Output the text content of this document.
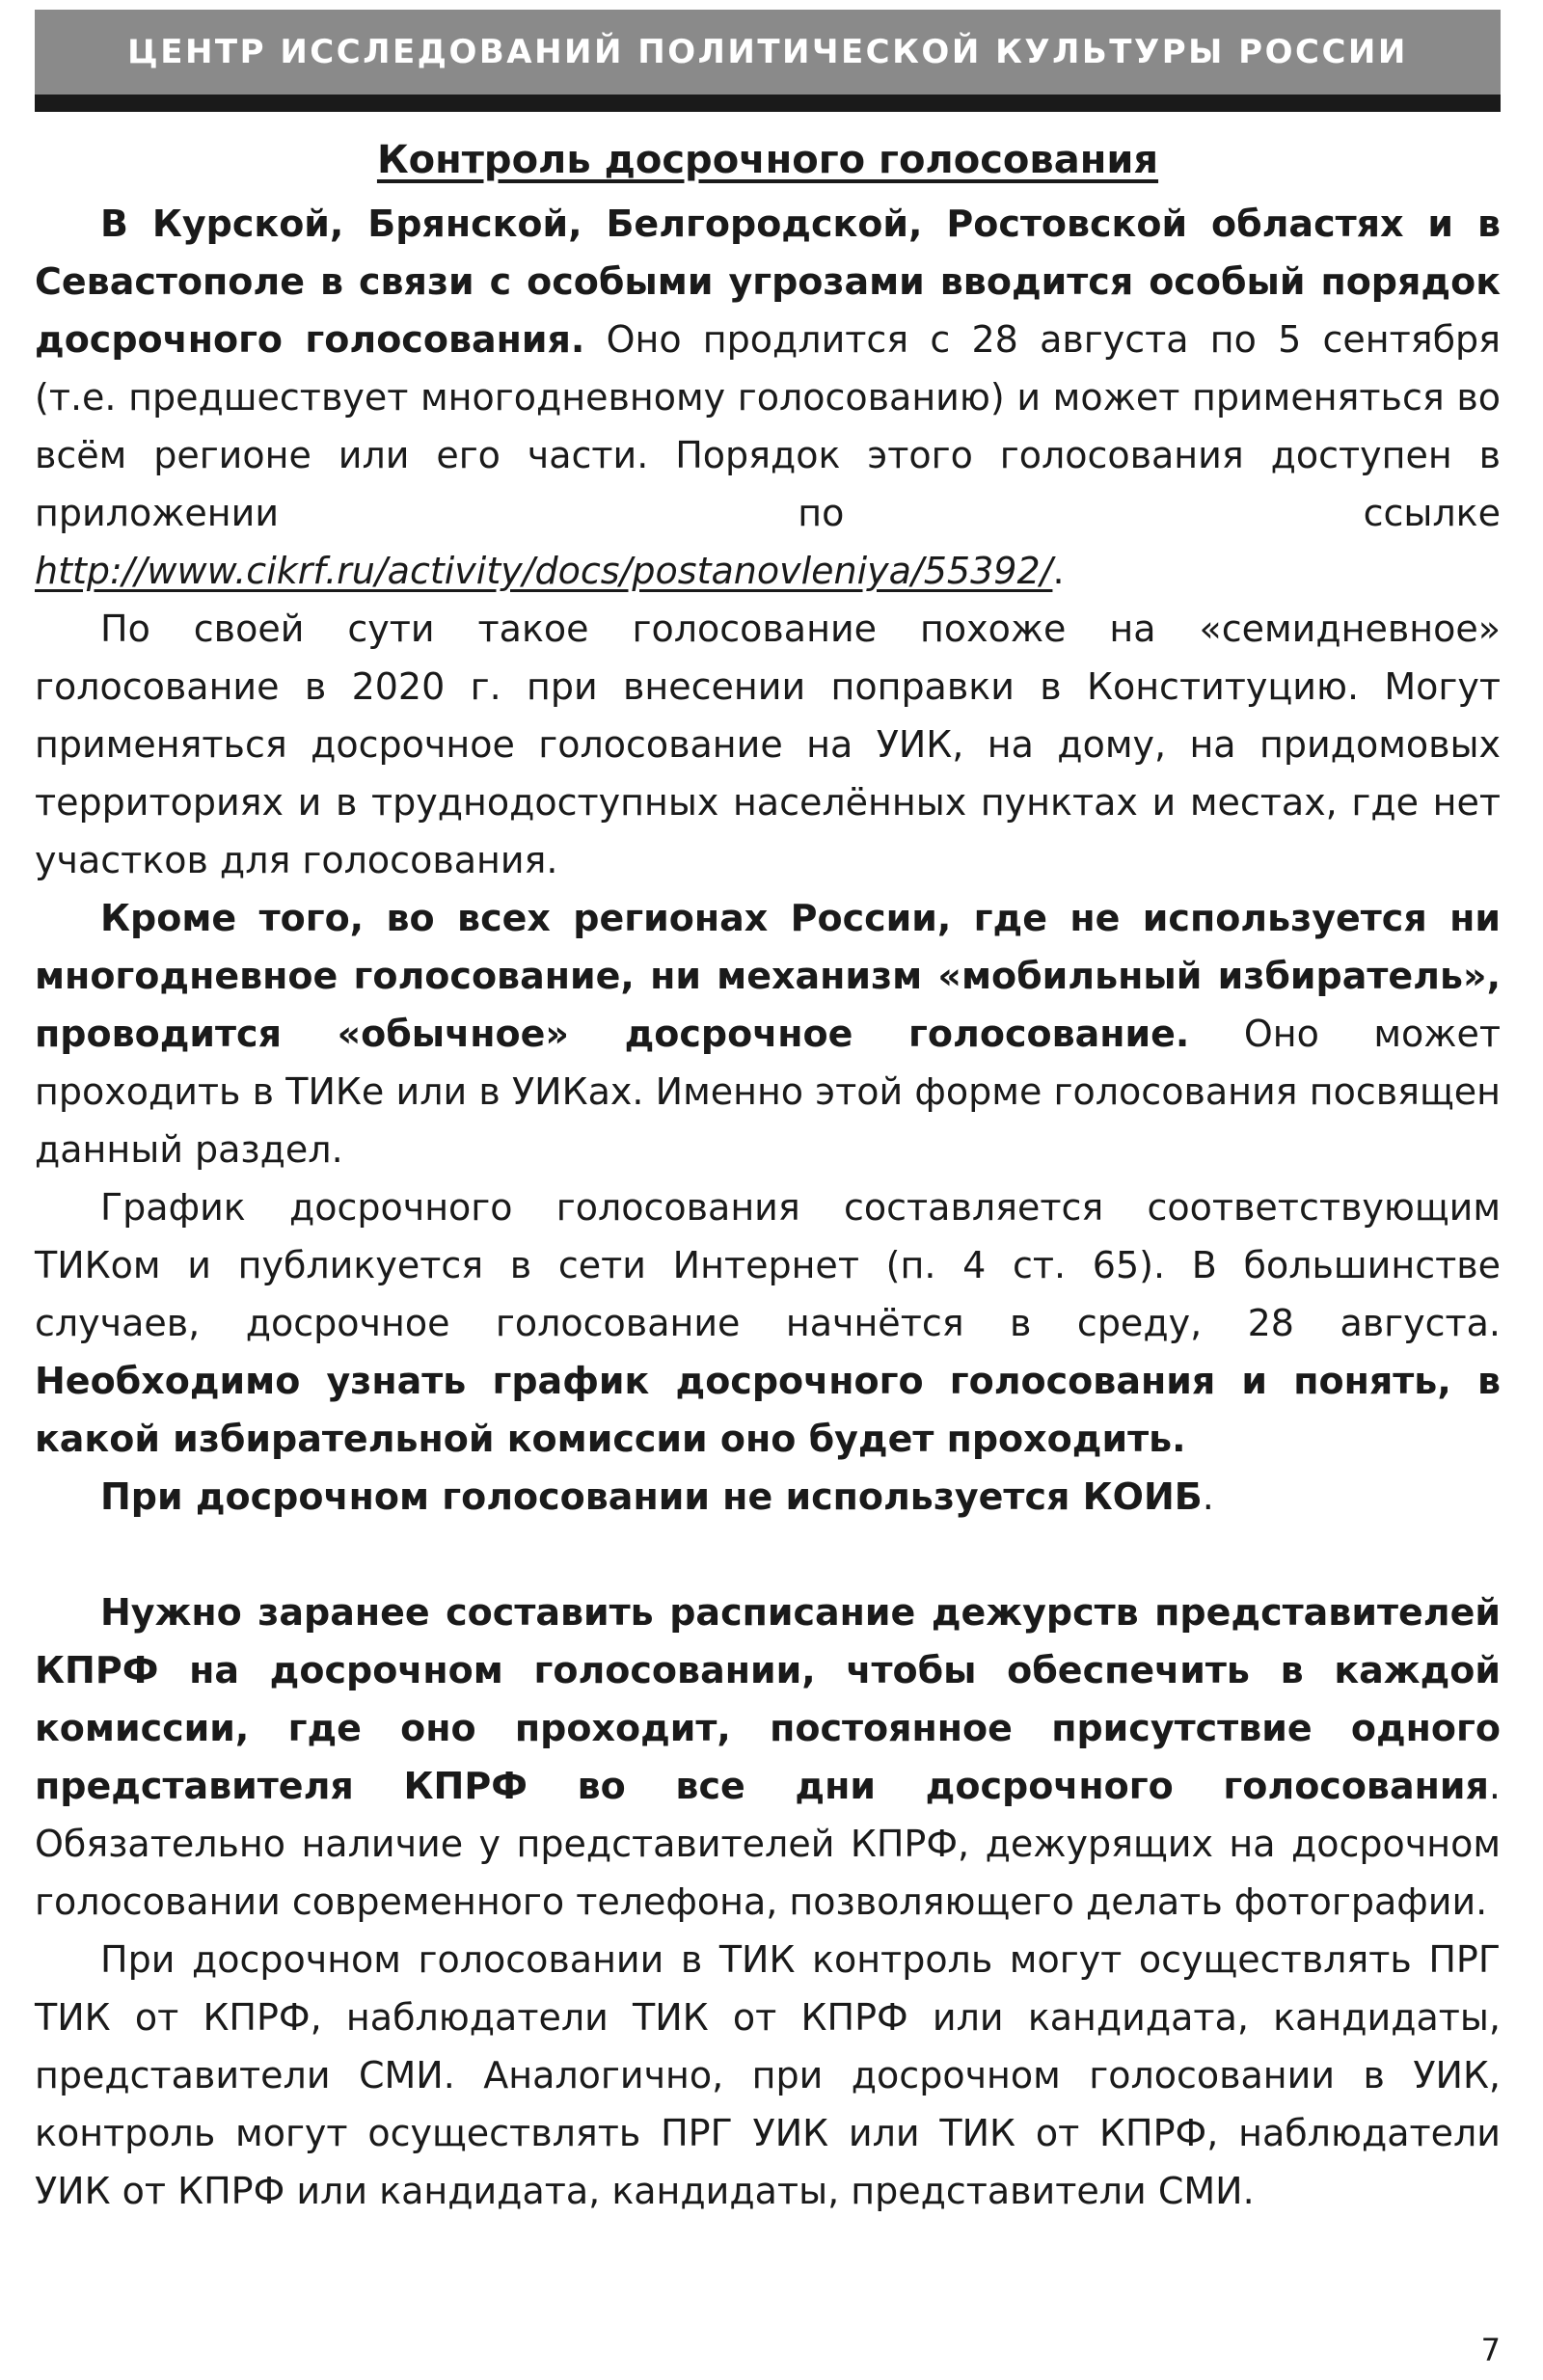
ЦЕНТР ИССЛЕДОВАНИЙ ПОЛИТИЧЕСКОЙ КУЛЬТУРЫ РОССИИ
Контроль досрочного голосования

В Курской, Брянской, Белгородской, Ростовской областях и в Севастополе в связи с особыми угрозами вводится особый порядок досрочного голосования. Оно продлится с 28 августа по 5 сентября (т.е. предшествует многодневному голосованию) и может применяться во всём регионе или его части. Порядок этого голосования доступен в приложении по ссылке http://www.cikrf.ru/activity/docs/postanovleniya/55392/.

По своей сути такое голосование похоже на «семидневное» голосование в 2020 г. при внесении поправки в Конституцию. Могут применяться досрочное голосование на УИК, на дому, на придомовых территориях и в труднодоступных населённых пунктах и местах, где нет участков для голосования.

Кроме того, во всех регионах России, где не используется ни многодневное голосование, ни механизм «мобильный избиратель», проводится «обычное» досрочное голосование. Оно может проходить в ТИКе или в УИКах. Именно этой форме голосования посвящен данный раздел.

График досрочного голосования составляется соответствующим ТИКом и публикуется в сети Интернет (п. 4 ст. 65). В большинстве случаев, досрочное голосование начнётся в среду, 28 августа. Необходимо узнать график досрочного голосования и понять, в какой избирательной комиссии оно будет проходить.

При досрочном голосовании не используется КОИБ.

Нужно заранее составить расписание дежурств представителей КПРФ на досрочном голосовании, чтобы обеспечить в каждой комиссии, где оно проходит, постоянное присутствие одного представителя КПРФ во все дни досрочного голосования. Обязательно наличие у представителей КПРФ, дежурящих на досрочном голосовании современного телефона, позволяющего делать фотографии.

При досрочном голосовании в ТИК контроль могут осуществлять ПРГ ТИК от КПРФ, наблюдатели ТИК от КПРФ или кандидата, кандидаты, представители СМИ. Аналогично, при досрочном голосовании в УИК, контроль могут осуществлять ПРГ УИК или ТИК от КПРФ, наблюдатели УИК от КПРФ или кандидата, кандидаты, представители СМИ.

7
